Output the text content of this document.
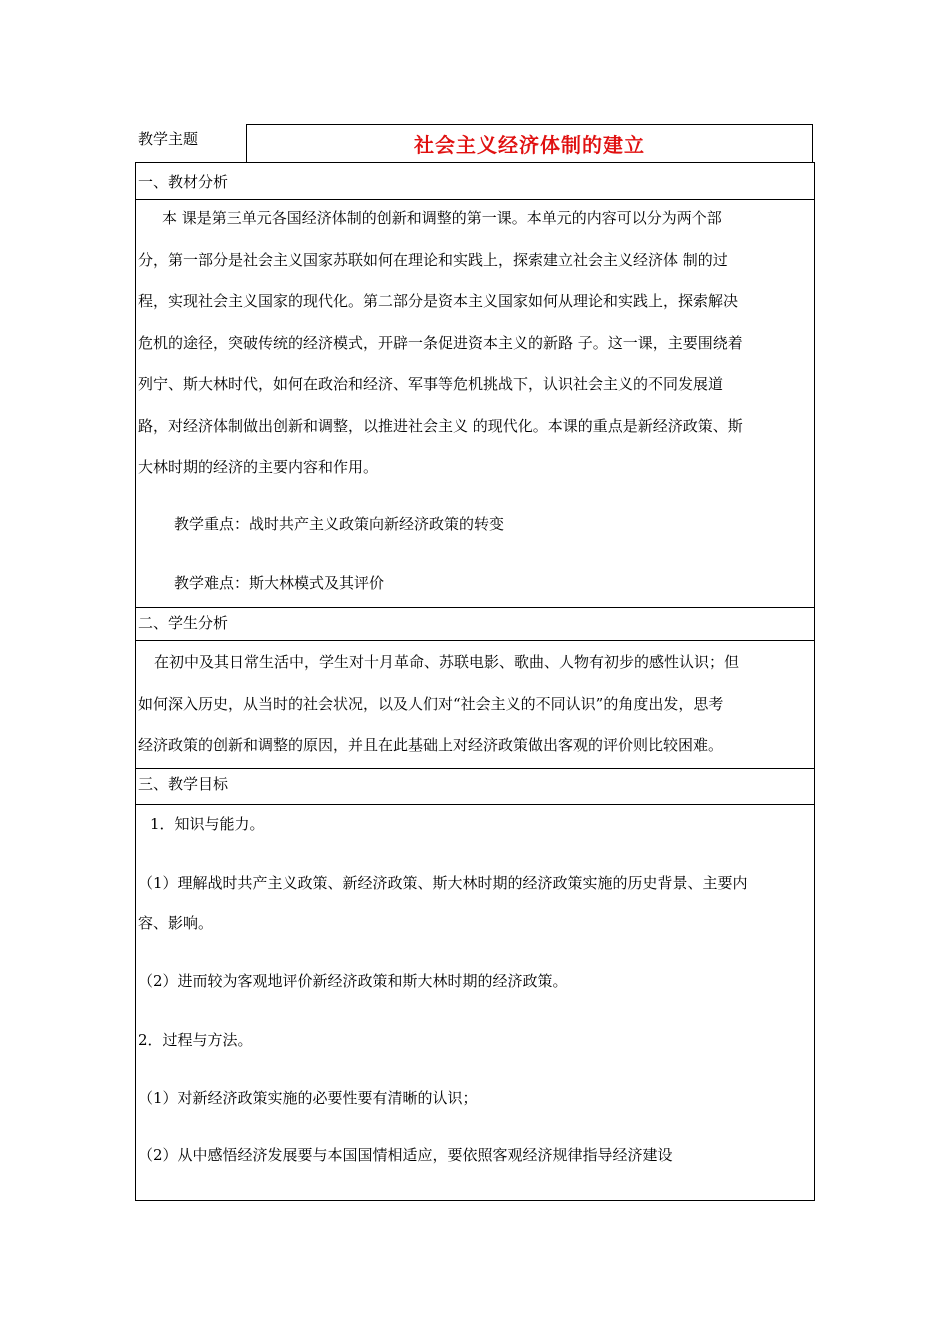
教学主题	社会主义经济体制的建立
一、教材分析
本 课是第三单元各国经济体制的创新和调整的第一课。本单元的内容可以分为两个部
分，第一部分是社会主义国家苏联如何在理论和实践上，探索建立社会主义经济体 制的过
程，实现社会主义国家的现代化。第二部分是资本主义国家如何从理论和实践上，探索解决
危机的途径，突破传统的经济模式，开辟一条促进资本主义的新路 子。这一课，主要围绕着
列宁、斯大林时代，如何在政治和经济、军事等危机挑战下，认识社会主义的不同发展道
路，对经济体制做出创新和调整，以推进社会主义 的现代化。本课的重点是新经济政策、斯
大林时期的经济的主要内容和作用。
教学重点：战时共产主义政策向新经济政策的转变
教学难点：斯大林模式及其评价
二、学生分析
在初中及其日常生活中，学生对十月革命、苏联电影、歌曲、人物有初步的感性认识；但
如何深入历史，从当时的社会状况，以及人们对“社会主义的不同认识”的角度出发，思考
经济政策的创新和调整的原因，并且在此基础上对经济政策做出客观的评价则比较困难。
三、教学目标
1．知识与能力。
（1）理解战时共产主义政策、新经济政策、斯大林时期的经济政策实施的历史背景、主要内
容、影响。
（2）进而较为客观地评价新经济政策和斯大林时期的经济政策。
2．过程与方法。
（1）对新经济政策实施的必要性要有清晰的认识；
（2）从中感悟经济发展要与本国国情相适应，要依照客观经济规律指导经济建设
